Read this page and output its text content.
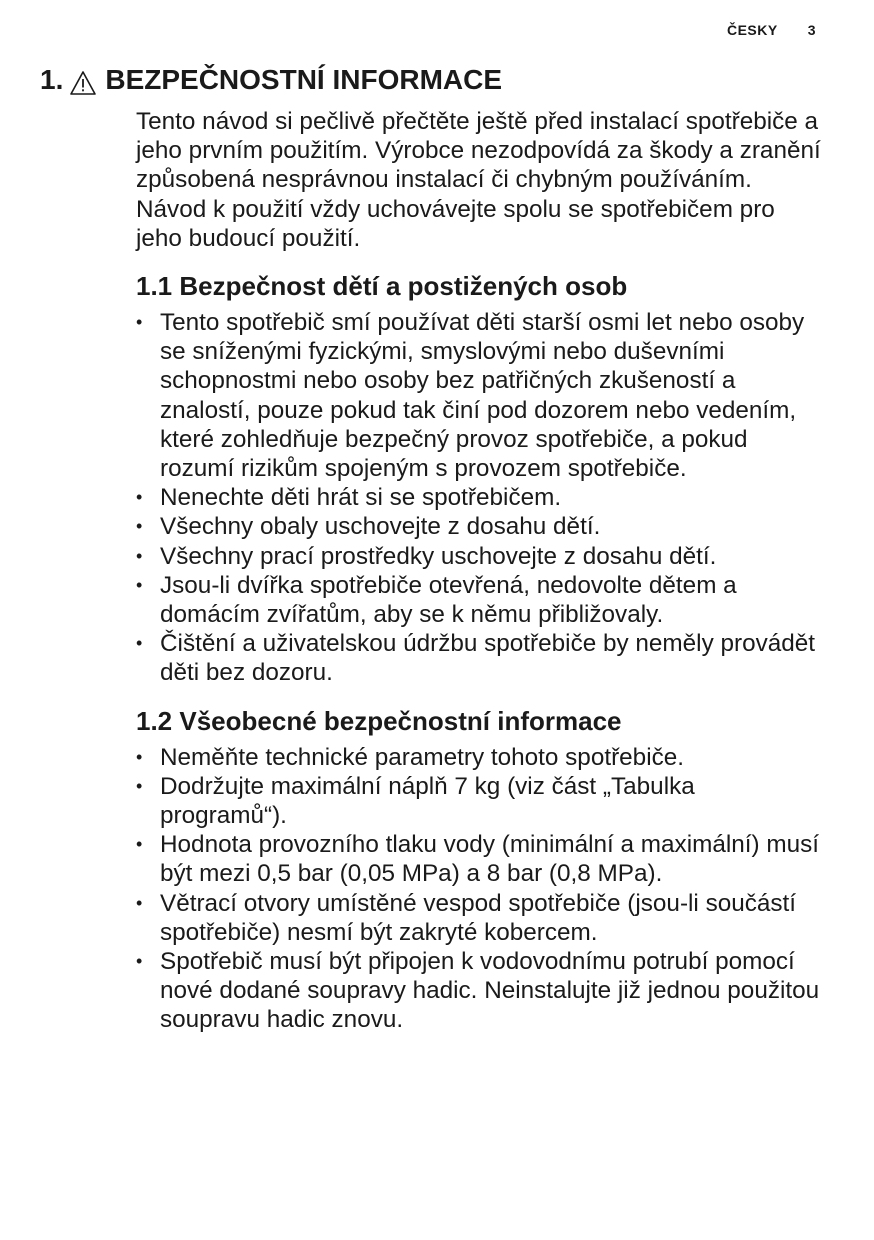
ČESKY 3
1. BEZPEČNOSTNÍ INFORMACE

Tento návod si pečlivě přečtěte ještě před instalací spotřebiče a jeho prvním použitím. Výrobce nezodpovídá za škody a zranění způsobená nesprávnou instalací či chybným používáním. Návod k použití vždy uchovávejte spolu se spotřebičem pro jeho budoucí použití.

1.1 Bezpečnost dětí a postižených osob
• Tento spotřebič smí používat děti starší osmi let nebo osoby se sníženými fyzickými, smyslovými nebo duševními schopnostmi nebo osoby bez patřičných zkušeností a znalostí, pouze pokud tak činí pod dozorem nebo vedením, které zohledňuje bezpečný provoz spotřebiče, a pokud rozumí rizikům spojeným s provozem spotřebiče.
• Nenechte děti hrát si se spotřebičem.
• Všechny obaly uschovejte z dosahu dětí.
• Všechny prací prostředky uschovejte z dosahu dětí.
• Jsou-li dvířka spotřebiče otevřená, nedovolte dětem a domácím zvířatům, aby se k němu přibližovaly.
• Čištění a uživatelskou údržbu spotřebiče by neměly provádět děti bez dozoru.
1.2 Všeobecné bezpečnostní informace
• Neměňte technické parametry tohoto spotřebiče.
• Dodržujte maximální náplň 7 kg (viz část „Tabulka programů“).
• Hodnota provozního tlaku vody (minimální a maximální) musí být mezi 0,5 bar (0,05 MPa) a 8 bar (0,8 MPa).
• Větrací otvory umístěné vespod spotřebiče (jsou-li součástí spotřebiče) nesmí být zakryté kobercem.
• Spotřebič musí být připojen k vodovodnímu potrubí pomocí nové dodané soupravy hadic. Neinstalujte již jednou použitou soupravu hadic znovu.
